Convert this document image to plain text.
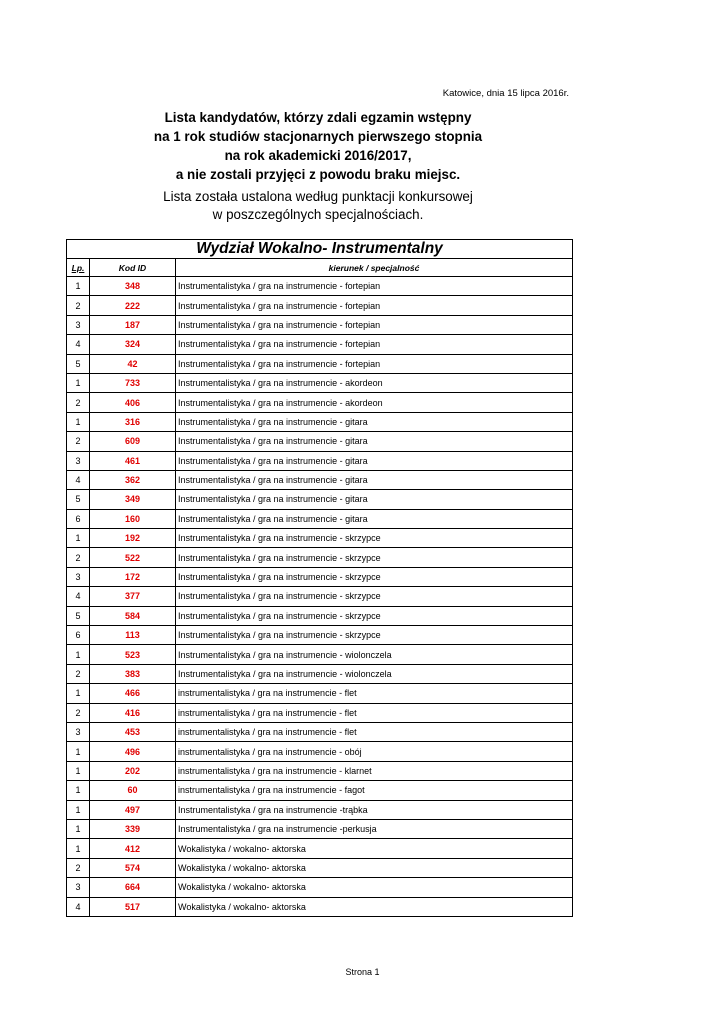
Katowice, dnia 15 lipca 2016r.
Lista kandydatów, którzy zdali egzamin wstępny
na 1 rok studiów stacjonarnych pierwszego stopnia
na rok akademicki 2016/2017,
a nie zostali przyjęci z powodu braku miejsc.
Lista została ustalona według punktacji konkursowej
w poszczególnych specjalnościach.
Wydział Wokalno- Instrumentalny		
Lp.	Kod ID	kierunek / specjalność
1	348	Instrumentalistyka / gra na instrumencie - fortepian
2	222	Instrumentalistyka / gra na instrumencie - fortepian
3	187	Instrumentalistyka / gra na instrumencie - fortepian
4	324	Instrumentalistyka / gra na instrumencie - fortepian
5	42	Instrumentalistyka / gra na instrumencie - fortepian
1	733	Instrumentalistyka / gra na instrumencie - akordeon
2	406	Instrumentalistyka / gra na instrumencie - akordeon
1	316	Instrumentalistyka / gra na instrumencie - gitara
2	609	Instrumentalistyka / gra na instrumencie - gitara
3	461	Instrumentalistyka / gra na instrumencie - gitara
4	362	Instrumentalistyka / gra na instrumencie - gitara
5	349	Instrumentalistyka / gra na instrumencie - gitara
6	160	Instrumentalistyka / gra na instrumencie - gitara
1	192	Instrumentalistyka / gra na instrumencie - skrzypce
2	522	Instrumentalistyka / gra na instrumencie - skrzypce
3	172	Instrumentalistyka / gra na instrumencie - skrzypce
4	377	Instrumentalistyka / gra na instrumencie - skrzypce
5	584	Instrumentalistyka / gra na instrumencie - skrzypce
6	113	Instrumentalistyka / gra na instrumencie - skrzypce
1	523	Instrumentalistyka / gra na instrumencie - wiolonczela
2	383	Instrumentalistyka / gra na instrumencie - wiolonczela
1	466	instrumentalistyka / gra na instrumencie - flet
2	416	instrumentalistyka / gra na instrumencie - flet
3	453	instrumentalistyka / gra na instrumencie - flet
1	496	instrumentalistyka / gra na instrumencie - obój
1	202	instrumentalistyka / gra na instrumencie - klarnet
1	60	instrumentalistyka / gra na instrumencie - fagot
1	497	Instrumentalistyka / gra na instrumencie -trąbka
1	339	Instrumentalistyka / gra na instrumencie -perkusja
1	412	Wokalistyka / wokalno- aktorska
2	574	Wokalistyka / wokalno- aktorska
3	664	Wokalistyka / wokalno- aktorska
4	517	Wokalistyka / wokalno- aktorska
Strona 1
